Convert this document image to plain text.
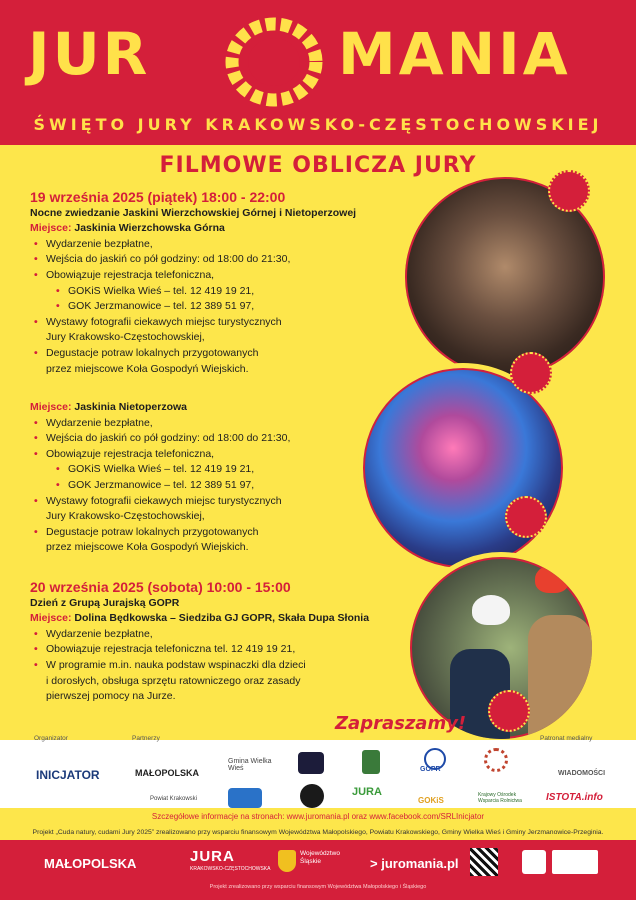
JUR	MANIA
ŚWIĘTO JURY KRAKOWSKO-CZĘSTOCHOWSKIEJ
FILMOWE OBLICZA JURY
19 września 2025 (piątek) 18:00 - 22:00
Nocne zwiedzanie Jaskini Wierzchowskiej Górnej i Nietoperzowej
Miejsce: Jaskinia Wierzchowska Górna
• Wydarzenie bezpłatne,
• Wejścia do jaskiń co pół godziny: od 18:00 do 21:30,
• Obowiązuje rejestracja telefoniczna,
• GOKiS Wielka Wieś – tel. 12 419 19 21,
• GOK Jerzmanowice – tel. 12 389 51 97,
• Wystawy fotografii ciekawych miejsc turystycznych
Jury Krakowsko-Częstochowskiej,
• Degustacje potraw lokalnych przygotowanych
przez miejscowe Koła Gospodyń Wiejskich.
Miejsce: Jaskinia Nietoperzowa
• Wydarzenie bezpłatne,
• Wejścia do jaskiń co pół godziny: od 18:00 do 21:30,
• Obowiązuje rejestracja telefoniczna,
• GOKiS Wielka Wieś – tel. 12 419 19 21,
• GOK Jerzmanowice – tel. 12 389 51 97,
• Wystawy fotografii ciekawych miejsc turystycznych
Jury Krakowsko-Częstochowskiej,
• Degustacje potraw lokalnych przygotowanych
przez miejscowe Koła Gospodyń Wiejskich.
20 września 2025 (sobota) 10:00 - 15:00
Dzień z Grupą Jurajską GOPR
Miejsce: Dolina Będkowska – Siedziba GJ GOPR, Skała Dupa Słonia
• Wydarzenie bezpłatne,
• Obowiązuje rejestracja telefoniczna tel. 12 419 19 21,
• W programie m.in. nauka podstaw wspinaczki dla dzieci
i dorosłych, obsługa sprzętu ratowniczego oraz zasady
pierwszej pomocy na Jurze.
Zapraszamy!
Organizator	Partnerzy	Patronat medialny
INICJATOR	MAŁOPOLSKA
Gmina Wielka Wieś	GOPR
WIADOMOŚCI
Powiat Krakowski
JURA
GOKiS
Krajowy Ośrodek Wsparcia Rolnictwa	ISTOTA.info
Szczegółowe informacje na stronach: www.juromania.pl oraz www.facebook.com/SRLInicjator
Projekt „Cuda natury, cudami Jury 2025” zrealizowano przy wsparciu finansowym Województwa Małopolskiego, Powiatu Krakowskiego, Gminy Wielka Wieś i Gminy Jerzmanowice-Przeginia.
MAŁOPOLSKA	JURA
KRAKOWSKO-CZĘSTOCHOWSKA
Województwo Śląskie	> juromania.pl
Projekt zrealizowano przy wsparciu finansowym Województwa Małopolskiego i Śląskiego
